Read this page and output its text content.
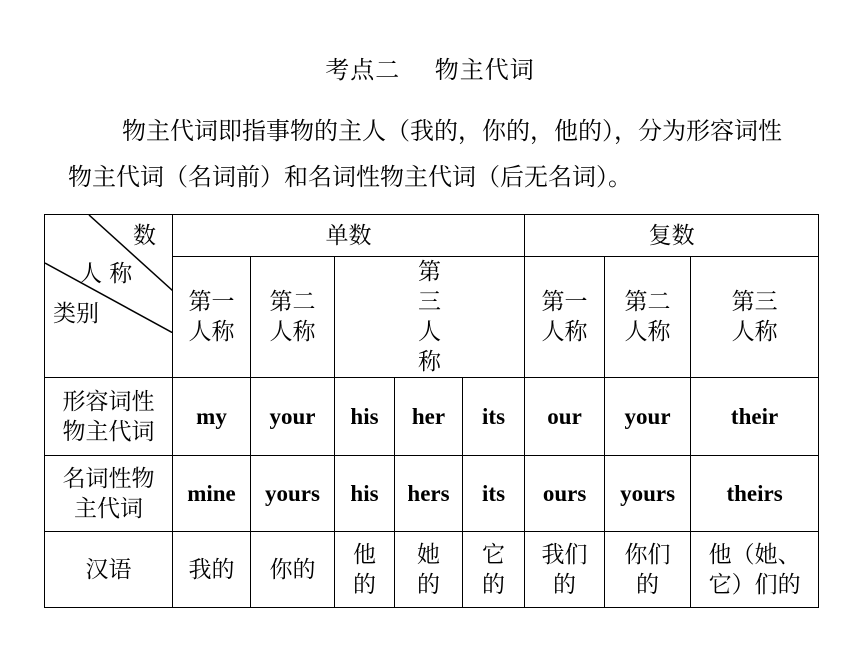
考点二    物主代词
物主代词即指事物的主人（我的，你的，他的），分为形容词性物主代词（名词前）和名词性物主代词（后无名词）。
数
人 称
类别	单数					复数		
	第一人称	第二人称	第三人称			第一人称	第二人称	第三人称
形容词性物主代词	my	your	his	her	its	our	your	their
名词性物主代词	mine	yours	his	hers	its	ours	yours	theirs
汉语	我的	你的	他的	她的	它的	我们的	你们的	他（她、它）们的
